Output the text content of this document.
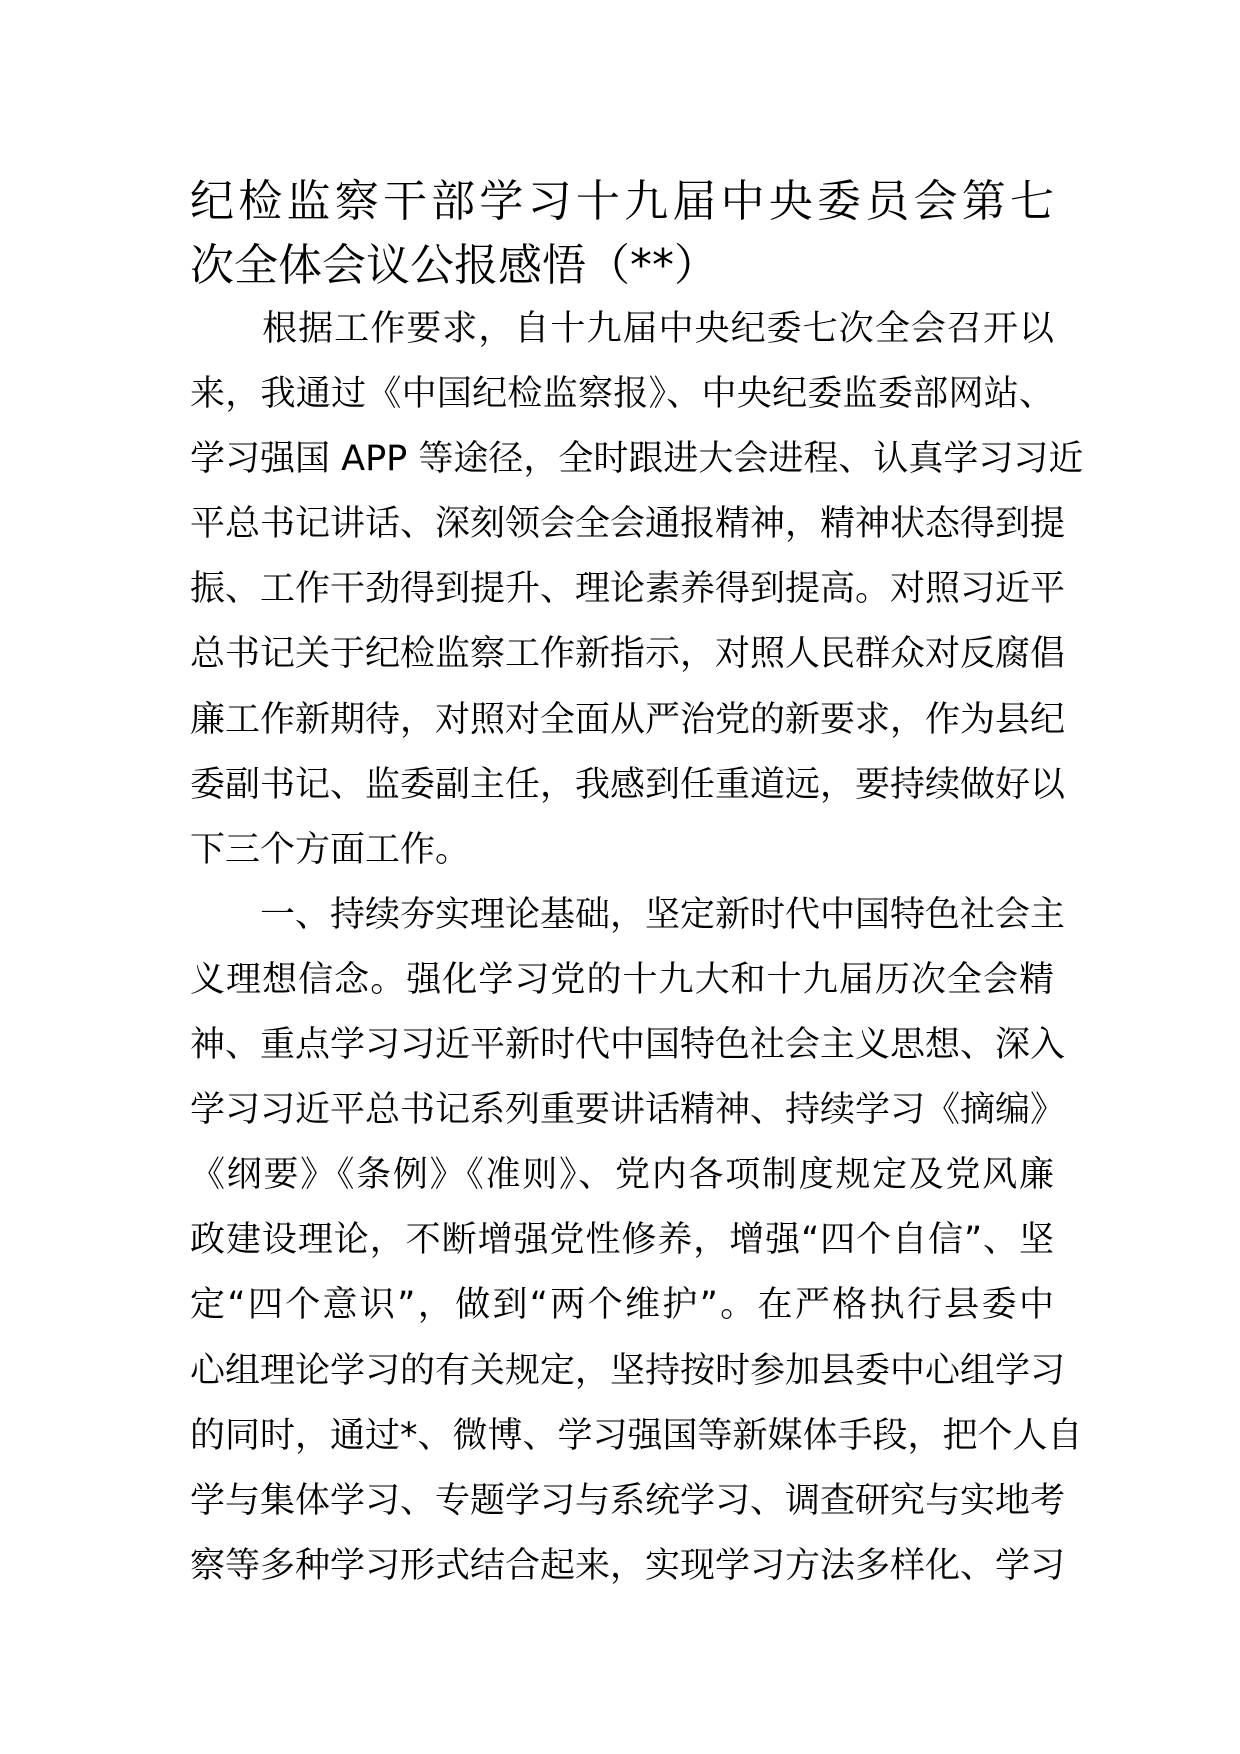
纪检监察干部学习十九届中央委员会第七
次全体会议公报感悟（**）
　　根据工作要求，自十九届中央纪委七次全会召开以
来，我通过《中国纪检监察报》、中央纪委监委部网站、
学习强国 APP 等途径，全时跟进大会进程、认真学习习近
平总书记讲话、深刻领会全会通报精神，精神状态得到提
振、工作干劲得到提升、理论素养得到提高。对照习近平
总书记关于纪检监察工作新指示，对照人民群众对反腐倡
廉工作新期待，对照对全面从严治党的新要求，作为县纪
委副书记、监委副主任，我感到任重道远，要持续做好以
下三个方面工作。
　　一、持续夯实理论基础，坚定新时代中国特色社会主
义理想信念。强化学习党的十九大和十九届历次全会精
神、重点学习习近平新时代中国特色社会主义思想、深入
学习习近平总书记系列重要讲话精神、持续学习《摘编》
《纲要》《条例》《准则》、党内各项制度规定及党风廉
政建设理论，不断增强党性修养，增强“四个自信”、坚
定“四个意识”，做到“两个维护”。在严格执行县委中
心组理论学习的有关规定，坚持按时参加县委中心组学习
的同时，通过*、微博、学习强国等新媒体手段，把个人自
学与集体学习、专题学习与系统学习、调查研究与实地考
察等多种学习形式结合起来，实现学习方法多样化、学习
